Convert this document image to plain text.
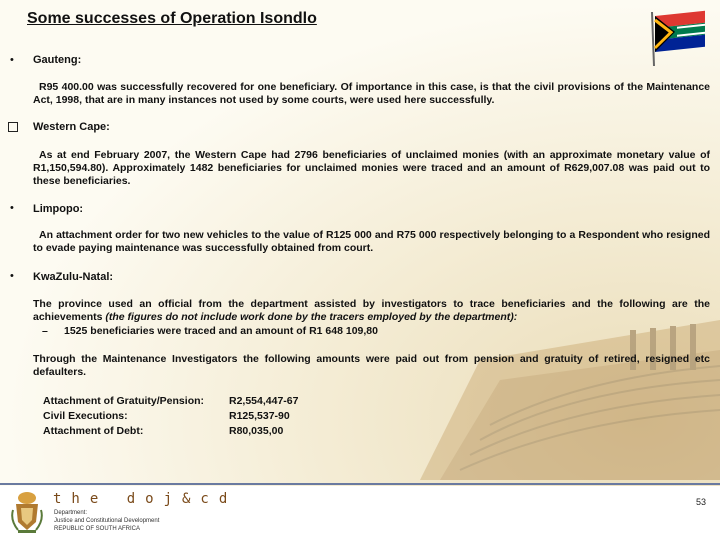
Some successes of Operation Isondlo
• Gauteng:
R95 400.00 was successfully recovered for one beneficiary. Of importance in this case, is that the civil provisions of the Maintenance Act, 1998, that are in many instances not used by some courts, were used here successfully.
Western Cape:
As at end February 2007, the Western Cape had 2796 beneficiaries of unclaimed monies (with an approximate monetary value of R1,150,594.80). Approximately 1482 beneficiaries for unclaimed monies were traced and an amount of R629,007.08 was paid out to these beneficiaries.
• Limpopo:
An attachment order for two new vehicles to the value of R125 000 and R75 000 respectively belonging to a Respondent who resigned to evade paying maintenance was successfully obtained from court.
• KwaZulu-Natal:
The province used an official from the department assisted by investigators to trace beneficiaries and the following are the achievements (the figures do not include work done by the tracers employed by the department):
– 1525 beneficiaries were traced and an amount of R1 648 109,80
Through the Maintenance Investigators the following amounts were paid out from pension and gratuity of retired, resigned etc defaulters.
Attachment of Gratuity/Pension:	R2,554,447-67
Civil Executions:	R125,537-90
Attachment of Debt:	R80,035,00
the doj&cd
Department:
Justice and Constitutional Development
REPUBLIC OF SOUTH AFRICA
53
